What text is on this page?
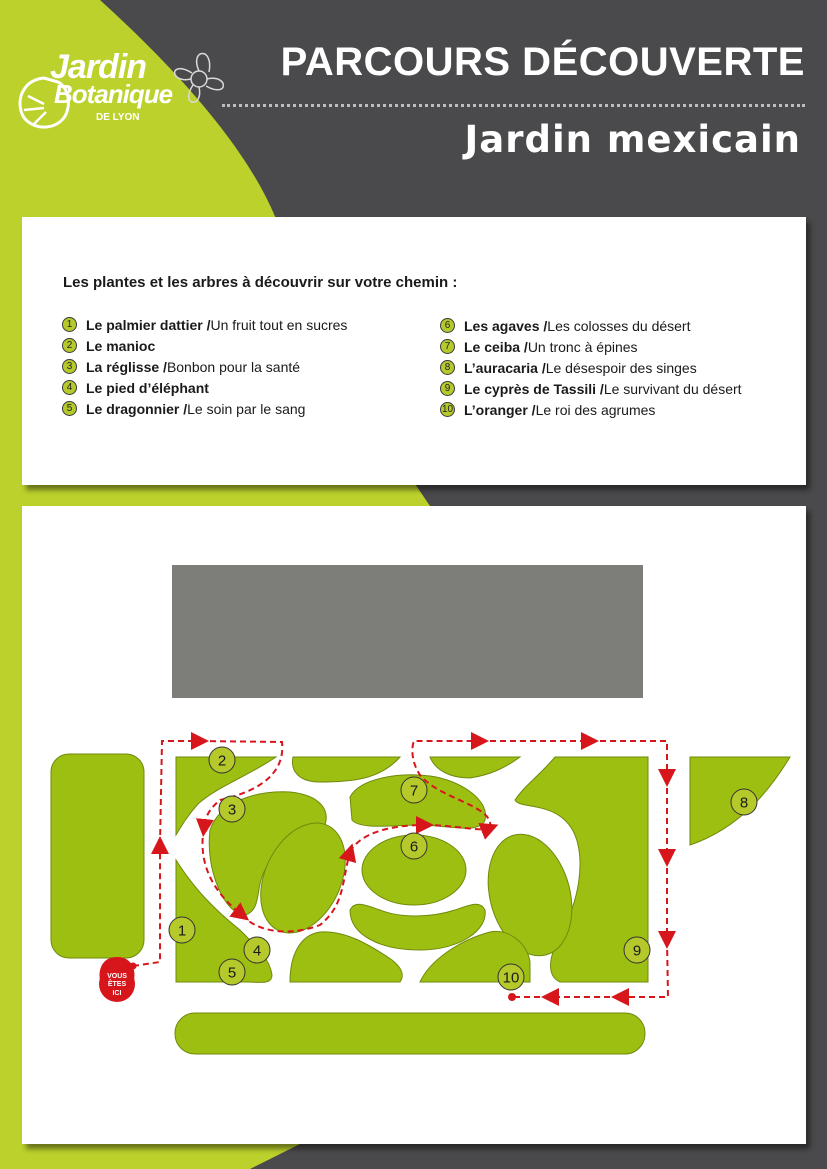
Jardin
Botanique
DE LYON
PARCOURS DÉCOUVERTE
Jardin mexicain
Les plantes et les arbres à découvrir sur votre chemin :
1 Le palmier dattier / Un fruit tout en sucres
2 Le manioc
3 La réglisse / Bonbon pour la santé
4 Le pied d’éléphant
5 Le dragonnier / Le soin par le sang
6 Les agaves / Les colosses du désert
7 Le ceiba / Un tronc à épines
8 L’auracaria / Le désespoir des singes
9 Le cyprès de Tassili / Le survivant du désert
10 L’oranger / Le roi des agrumes
VOUS
ÊTES
ICI
1
2
3
4
5
6
7
8
9
10
